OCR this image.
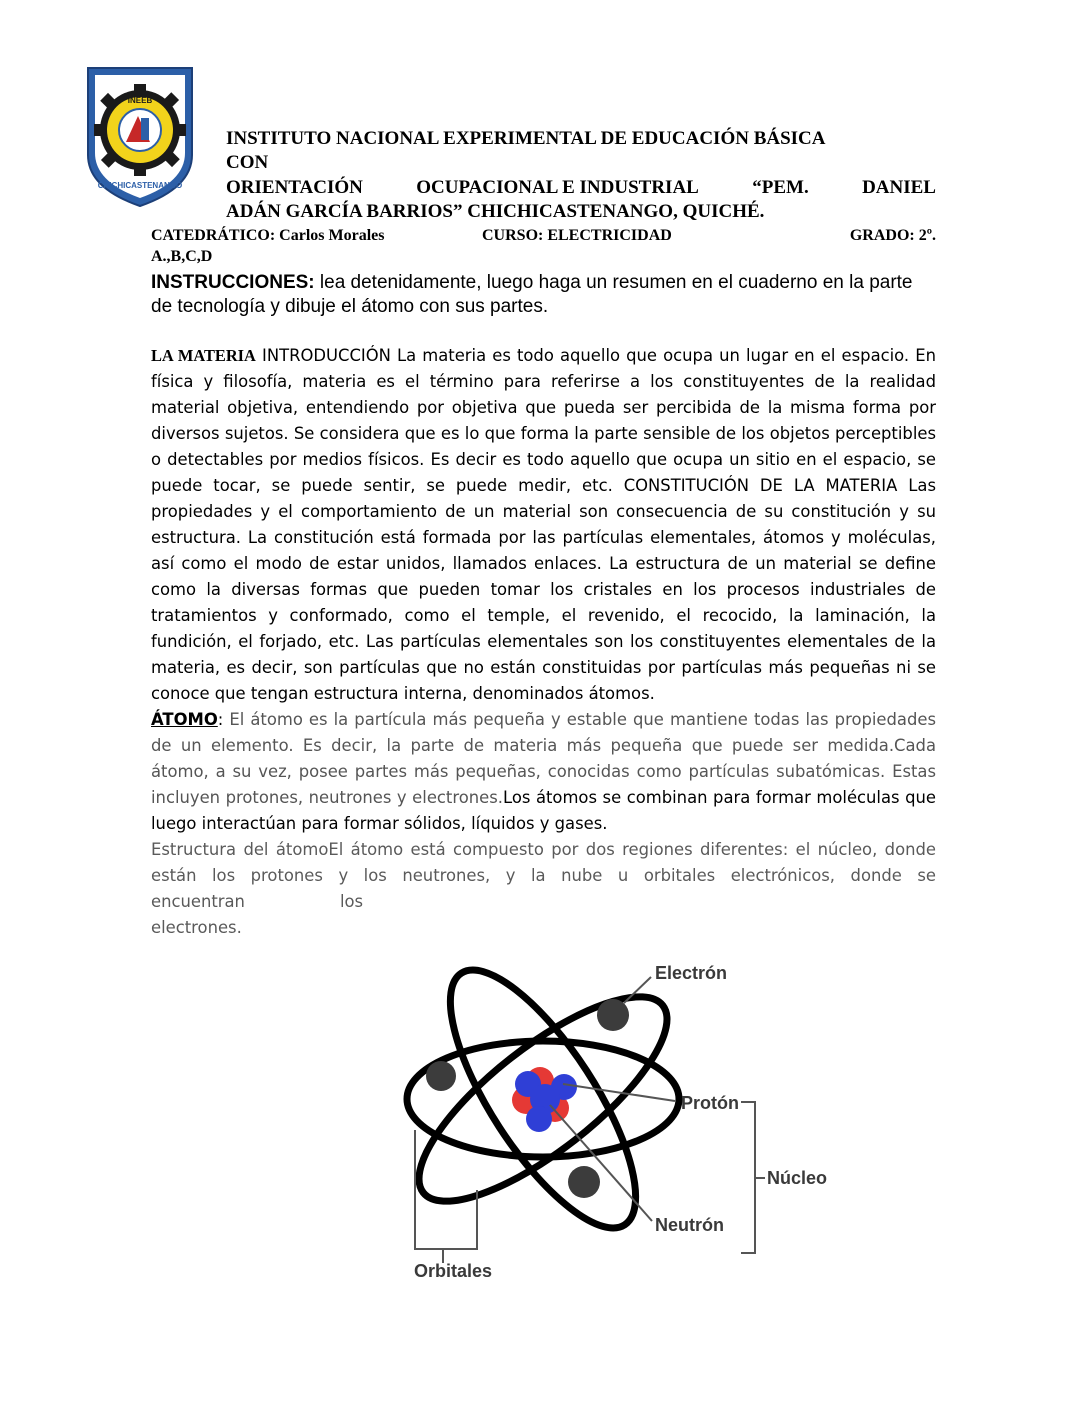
INEEB
CHICHICASTENANGO
INSTITUTO NACIONAL EXPERIMENTAL DE EDUCACIÓN BÁSICA
CON
ORIENTACIÓN	OCUPACIONAL E INDUSTRIAL	“PEM.	DANIEL
ADÁN GARCÍA BARRIOS” CHICHICASTENANGO, QUICHÉ.
CATEDRÁTICO: Carlos Morales	CURSO: ELECTRICIDAD	GRADO: 2º.
A.,B,C,D
INSTRUCCIONES: lea detenidamente, luego haga un resumen en el cuaderno en la parte de tecnología y dibuje el átomo con sus partes.

LA MATERIA INTRODUCCIÓN La materia es todo aquello que ocupa un lugar en el espacio. En física y filosofía, materia es el término para referirse a los constituyentes de la realidad material objetiva, entendiendo por objetiva que pueda ser percibida de la misma forma por diversos sujetos. Se considera que es lo que forma la parte sensible de los objetos perceptibles o detectables por medios físicos. Es decir es todo aquello que ocupa un sitio en el espacio, se puede tocar, se puede sentir, se puede medir, etc. CONSTITUCIÓN DE LA MATERIA Las propiedades y el comportamiento de un material son consecuencia de su constitución y su estructura. La constitución está formada por las partículas elementales, átomos y moléculas, así como el modo de estar unidos, llamados enlaces. La estructura de un material se define como la diversas formas que pueden tomar los cristales en los procesos industriales de tratamientos y conformado, como el temple, el revenido, el recocido, la laminación, la fundición, el forjado, etc. Las partículas elementales son los constituyentes elementales de la materia, es decir, son partículas que no están constituidas por partículas más pequeñas ni se conoce que tengan estructura interna, denominados átomos.

ÁTOMO: El átomo es la partícula más pequeña y estable que mantiene todas las propiedades de un elemento. Es decir, la parte de materia más pequeña que puede ser medida.Cada átomo, a su vez, posee partes más pequeñas, conocidas como partículas subatómicas. Estas incluyen protones, neutrones y electrones.Los átomos se combinan para formar moléculas que luego interactúan para formar sólidos, líquidos y gases.

Estructura del átomoEl átomo está compuesto por dos regiones diferentes: el núcleo, donde están los protones y los neutrones, y la nube u orbitales electrónicos, donde se encuentran	los
electrones.

Electrón
Protón
Núcleo
Neutrón
Orbitales
